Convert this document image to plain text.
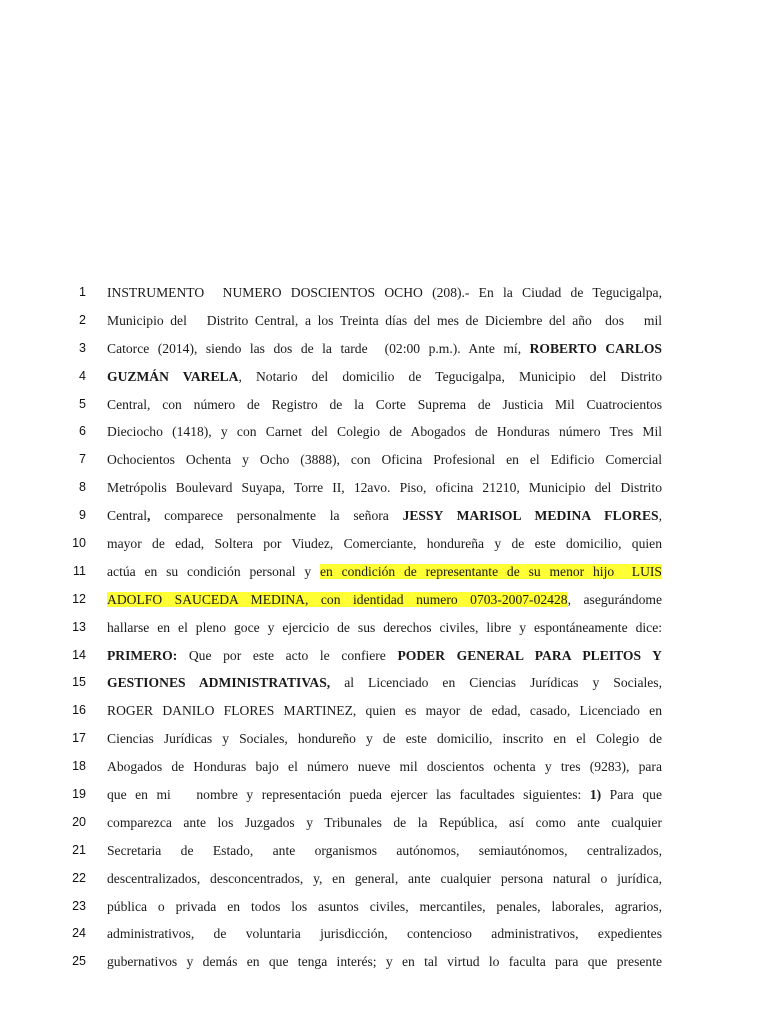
1 INSTRUMENTO  NUMERO DOSCIENTOS OCHO (208).- En la Ciudad de Tegucigalpa,
2 Municipio del   Distrito Central, a los Treinta días del mes de Diciembre del año  dos   mil
3 Catorce (2014), siendo las dos de la tarde  (02:00 p.m.). Ante mí, ROBERTO CARLOS
4 GUZMÁN VARELA, Notario del domicilio de Tegucigalpa, Municipio del Distrito
5 Central, con número de Registro de la Corte Suprema de Justicia Mil Cuatrocientos
6 Dieciocho (1418), y con Carnet del Colegio de Abogados de Honduras número Tres Mil
7 Ochocientos Ochenta y Ocho (3888), con Oficina Profesional en el Edificio Comercial
8 Metrópolis Boulevard Suyapa, Torre II, 12avo. Piso, oficina 21210, Municipio del Distrito
9 Central, comparece personalmente la señora JESSY MARISOL MEDINA FLORES,
10 mayor de edad, Soltera por Viudez, Comerciante, hondureña y de este domicilio, quien
11 actúa en su condición personal y en condición de representante de su menor hijo  LUIS
12 ADOLFO SAUCEDA MEDINA, con identidad numero 0703-2007-02428, asegurándome
13 hallarse en el pleno goce y ejercicio de sus derechos civiles, libre y espontáneamente dice:
14 PRIMERO: Que por este acto le confiere PODER GENERAL PARA PLEITOS Y
15 GESTIONES ADMINISTRATIVAS, al Licenciado en Ciencias Jurídicas y Sociales,
16 ROGER DANILO FLORES MARTINEZ, quien es mayor de edad, casado, Licenciado en
17 Ciencias Jurídicas y Sociales, hondureño y de este domicilio, inscrito en el Colegio de
18 Abogados de Honduras bajo el número nueve mil doscientos ochenta y tres (9283), para
19 que en mi   nombre y representación pueda ejercer las facultades siguientes: 1) Para que
20 comparezca ante los Juzgados y Tribunales de la República, así como ante cualquier
21 Secretaria de Estado, ante organismos autónomos, semiautónomos, centralizados,
22 descentralizados, desconcentrados, y, en general, ante cualquier persona natural o jurídica,
23 pública o privada en todos los asuntos civiles, mercantiles, penales, laborales, agrarios,
24 administrativos, de voluntaria jurisdicción, contencioso administrativos, expedientes
25 gubernativos y demás en que tenga interés; y en tal virtud lo faculta para que presente
